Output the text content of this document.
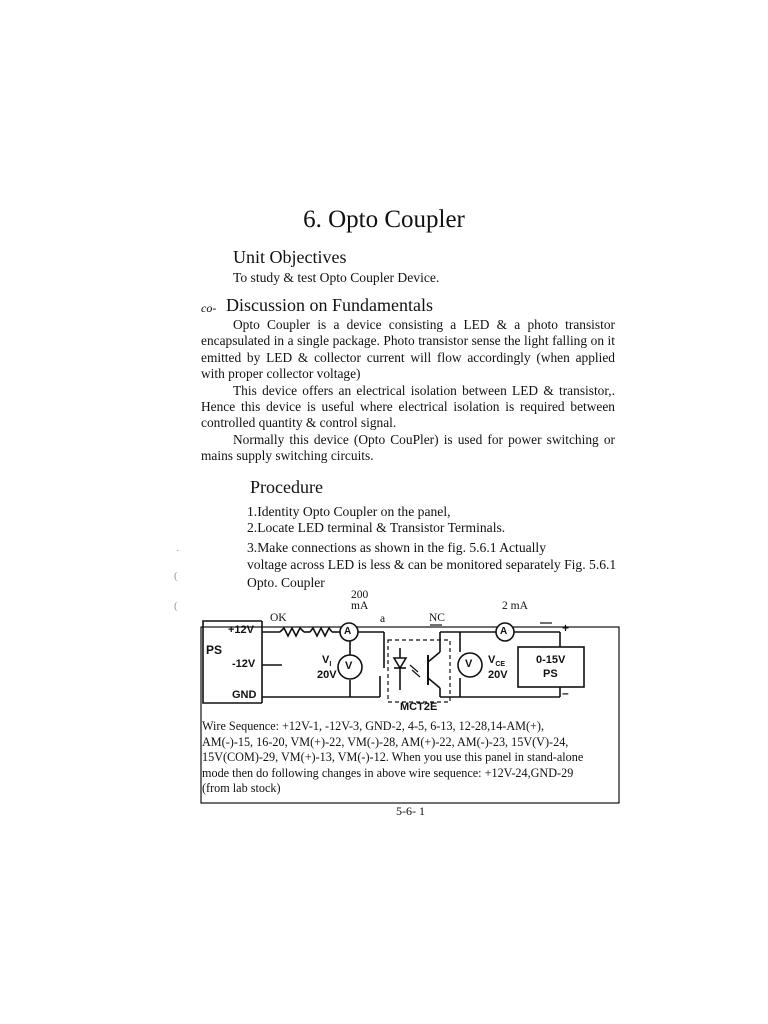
6. Opto Coupler
Unit Objectives
To study & test Opto Coupler Device.
co- Discussion on Fundamentals
Opto Coupler is a device consisting a LED & a photo transistor encapsulated in a single package. Photo transistor sense the light falling on it emitted by LED & collector current will flow accordingly (when applied with proper collector voltage)
This device offers an electrical isolation between LED & transistor,. Hence this device is useful where electrical isolation is required between controlled quantity & control signal.
Normally this device (Opto CouPler) is used for power switching or mains supply switching circuits.
Procedure
1.Identity Opto Coupler on the panel,
2.Locate LED terminal & Transistor Terminals.
3.Make connections as shown in the fig. 5.6.1 Actually
voltage across LED is less & can be monitored separately Fig. 5.6.1
Opto. Coupler
·
(
(
200
mA	2 mA
OK	a	NC
PS
+12V
-12V
GND
A
V
A
V
$V_I$
20V
$V_{CE}$
20V
0-15V
PS
+
–
MCT2E
Wire Sequence: +12V-1, -12V-3, GND-2, 4-5, 6-13, 12-28,14-AM(+),
AM(-)-15, 16-20, VM(+)-22, VM(-)-28, AM(+)-22, AM(-)-23, 15V(V)-24,
15V(COM)-29, VM(+)-13, VM(-)-12. When you use this panel in stand-alone
mode then do following changes in above wire sequence: +12V-24,GND-29
(from lab stock)
5-6- 1
